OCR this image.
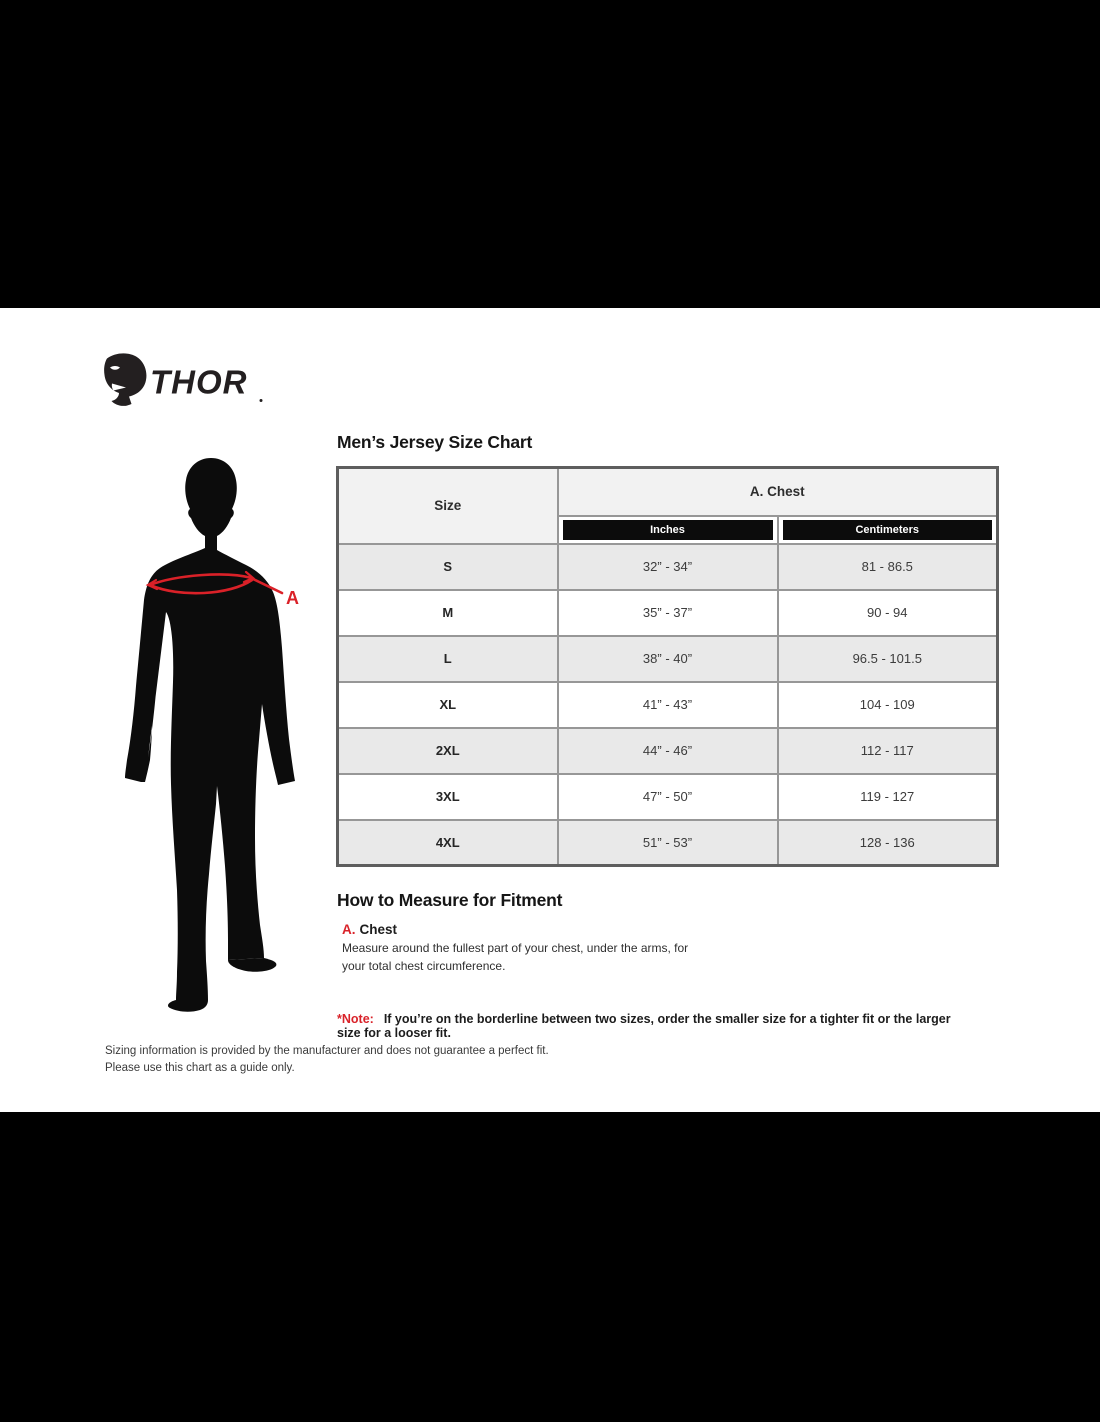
THOR
Men’s Jersey Size Chart
A
Size	A. Chest	

	Inches	Centimeters

S	32” - 34”	81 - 86.5
M	35” - 37”	90 - 94
L	38” - 40”	96.5 - 101.5
XL	41” - 43”	104 - 109
2XL	44” - 46”	112 - 117
3XL	47” - 50”	119 - 127
4XL	51” - 53”	128 - 136
How to Measure for Fitment
A. Chest
Measure around the fullest part of your chest, under the arms, for your total chest circumference.
*Note: If you’re on the borderline between two sizes, order the smaller size for a tighter fit or the larger size for a looser fit.
Sizing information is provided by the manufacturer and does not guarantee a perfect fit.
Please use this chart as a guide only.
